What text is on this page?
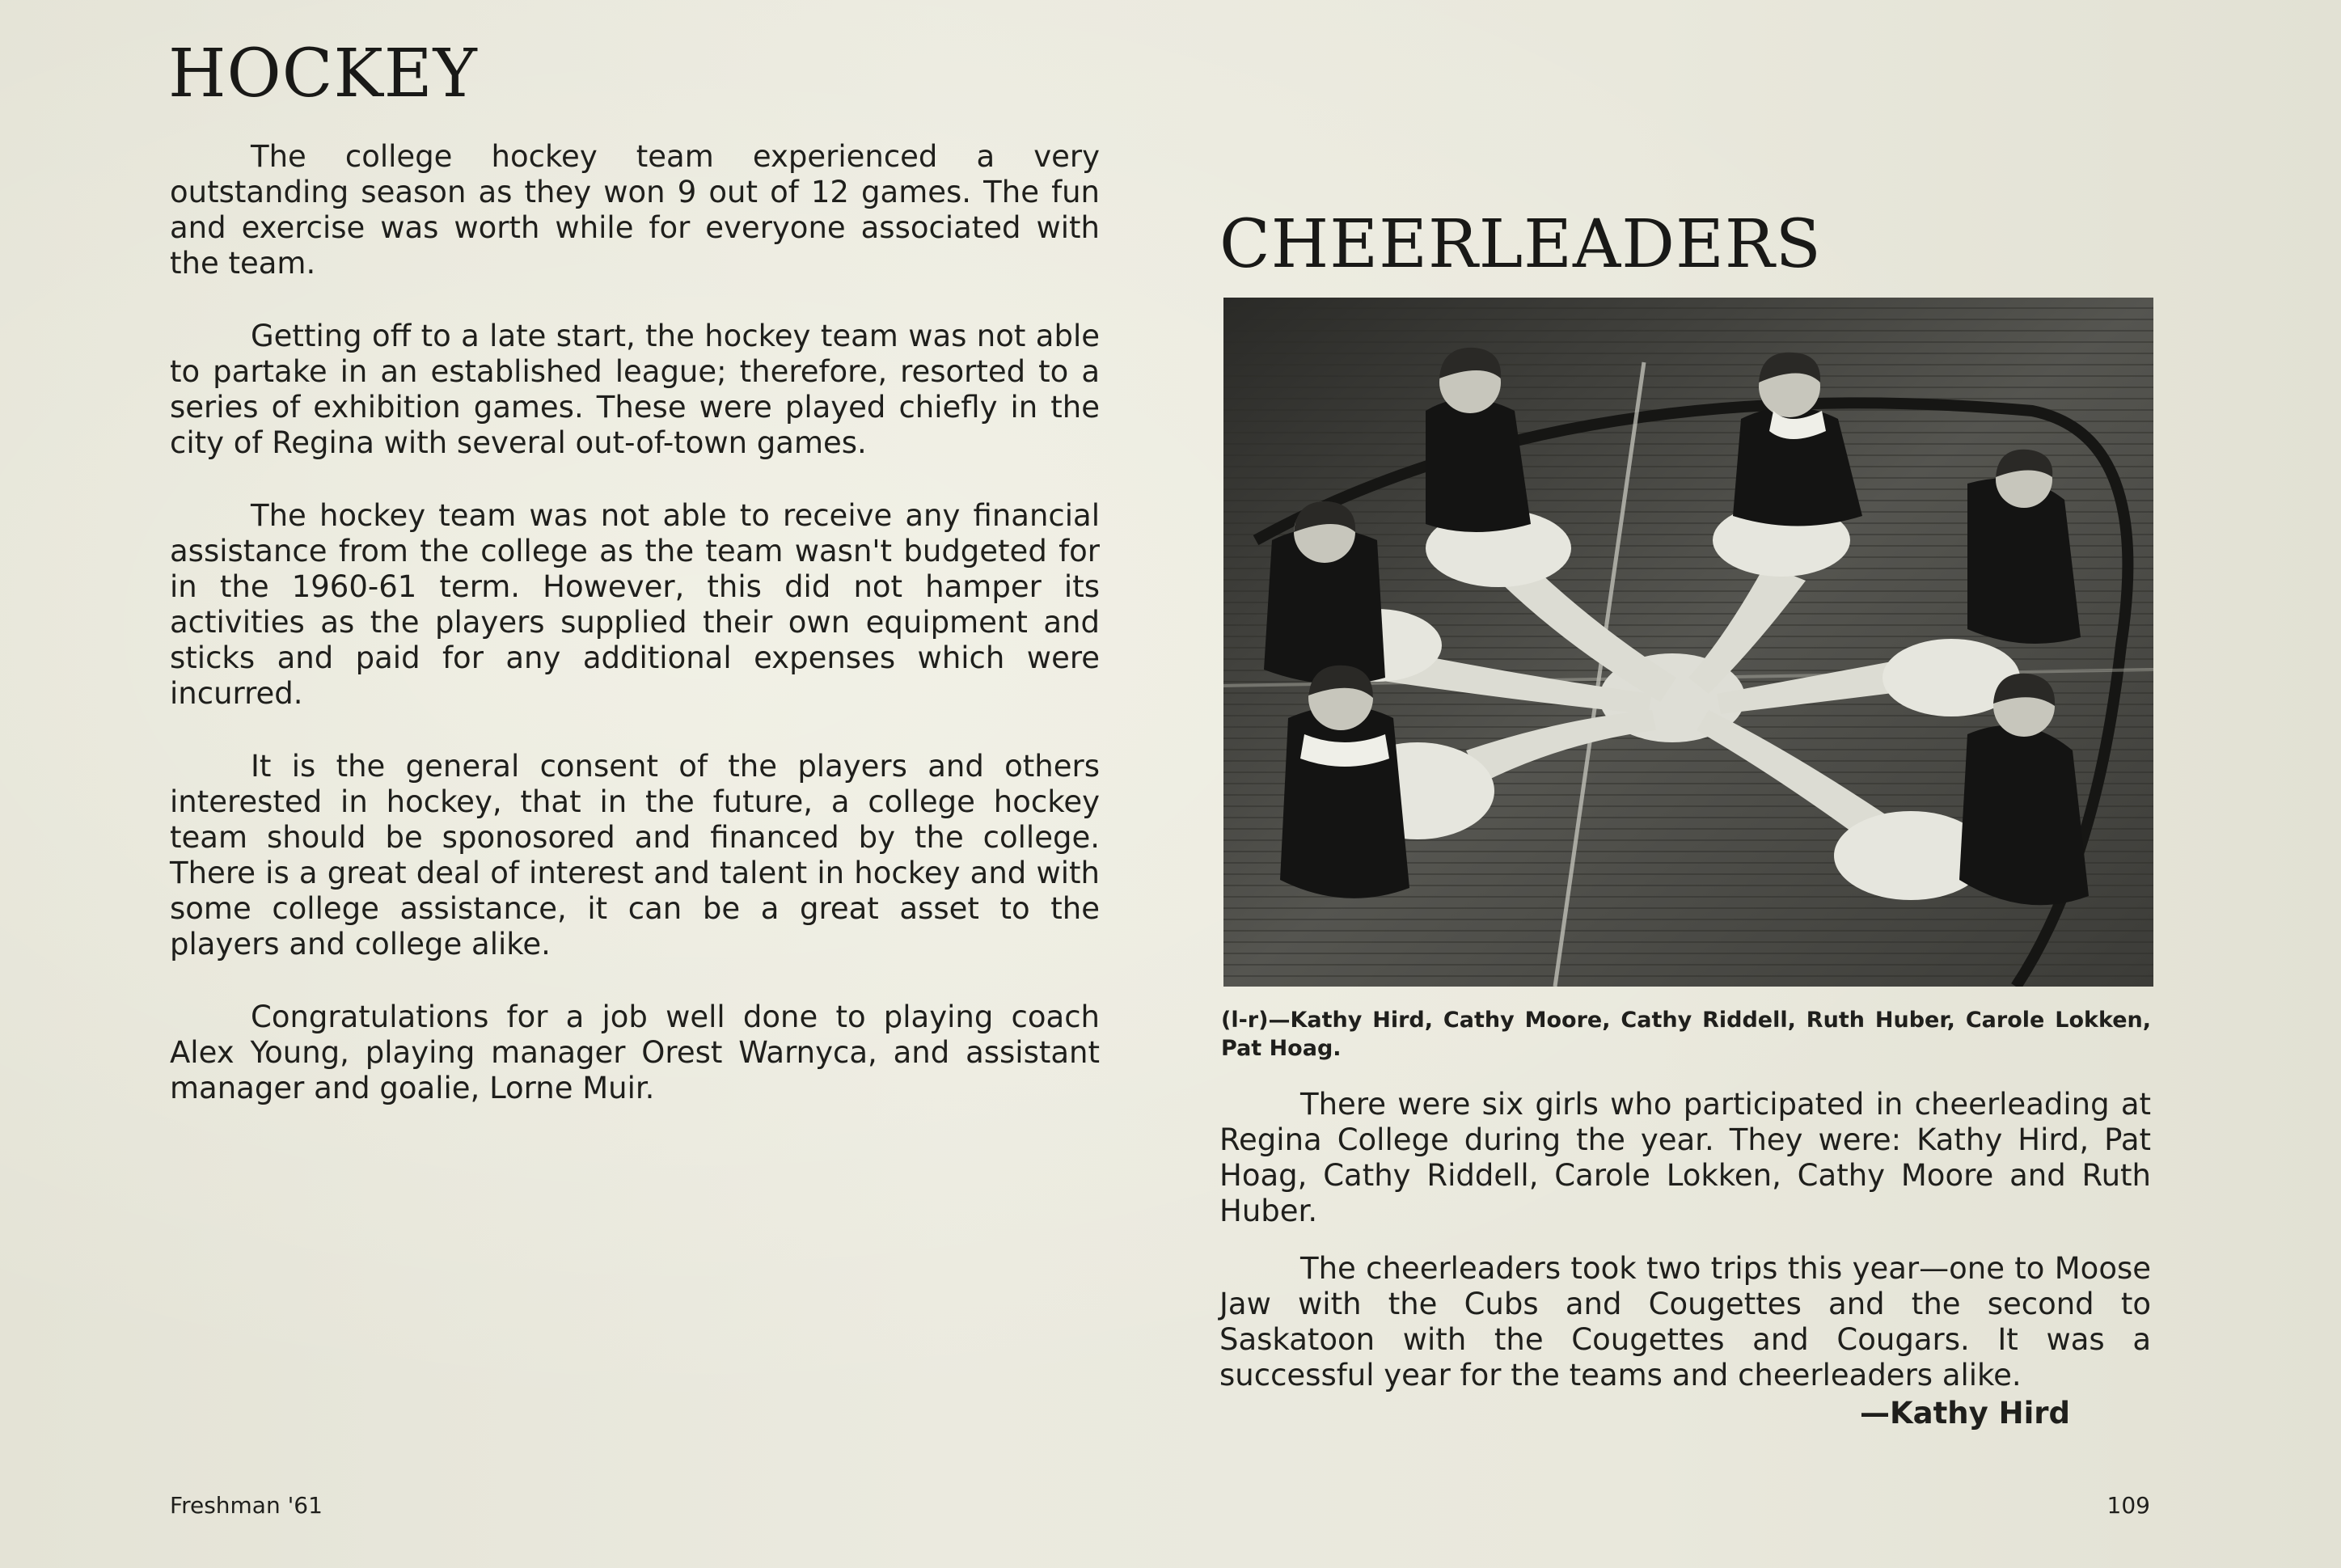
HOCKEY

The college hockey team experienced a very outstanding season as they won 9 out of 12 games. The fun and exercise was worth while for everyone associated with the team.

Getting off to a late start, the hockey team was not able to partake in an established league; therefore, resorted to a series of exhibition games. These were played chiefly in the city of Regina with several out-of-town games.

The hockey team was not able to receive any financial assistance from the college as the team wasn't budgeted for in the 1960-61 term. However, this did not hamper its activities as the players supplied their own equipment and sticks and paid for any additional expenses which were incurred.

It is the general consent of the players and others interested in hockey, that in the future, a college hockey team should be sponosored and financed by the college. There is a great deal of interest and talent in hockey and with some college assistance, it can be a great asset to the players and college alike.

Congratulations for a job well done to playing coach Alex Young, playing manager Orest Warnyca, and assistant manager and goalie, Lorne Muir.

CHEERLEADERS

(l-r)—Kathy Hird, Cathy Moore, Cathy Riddell, Ruth Huber, Carole Lokken, Pat Hoag.

There were six girls who participated in cheerleading at Regina College during the year. They were: Kathy Hird, Pat Hoag, Cathy Riddell, Carole Lokken, Cathy Moore and Ruth Huber.

The cheerleaders took two trips this year—one to Moose Jaw with the Cubs and Cougettes and the second to Saskatoon with the Cougettes and Cougars. It was a successful year for the teams and cheerleaders alike.

—Kathy Hird

Freshman '61	109
